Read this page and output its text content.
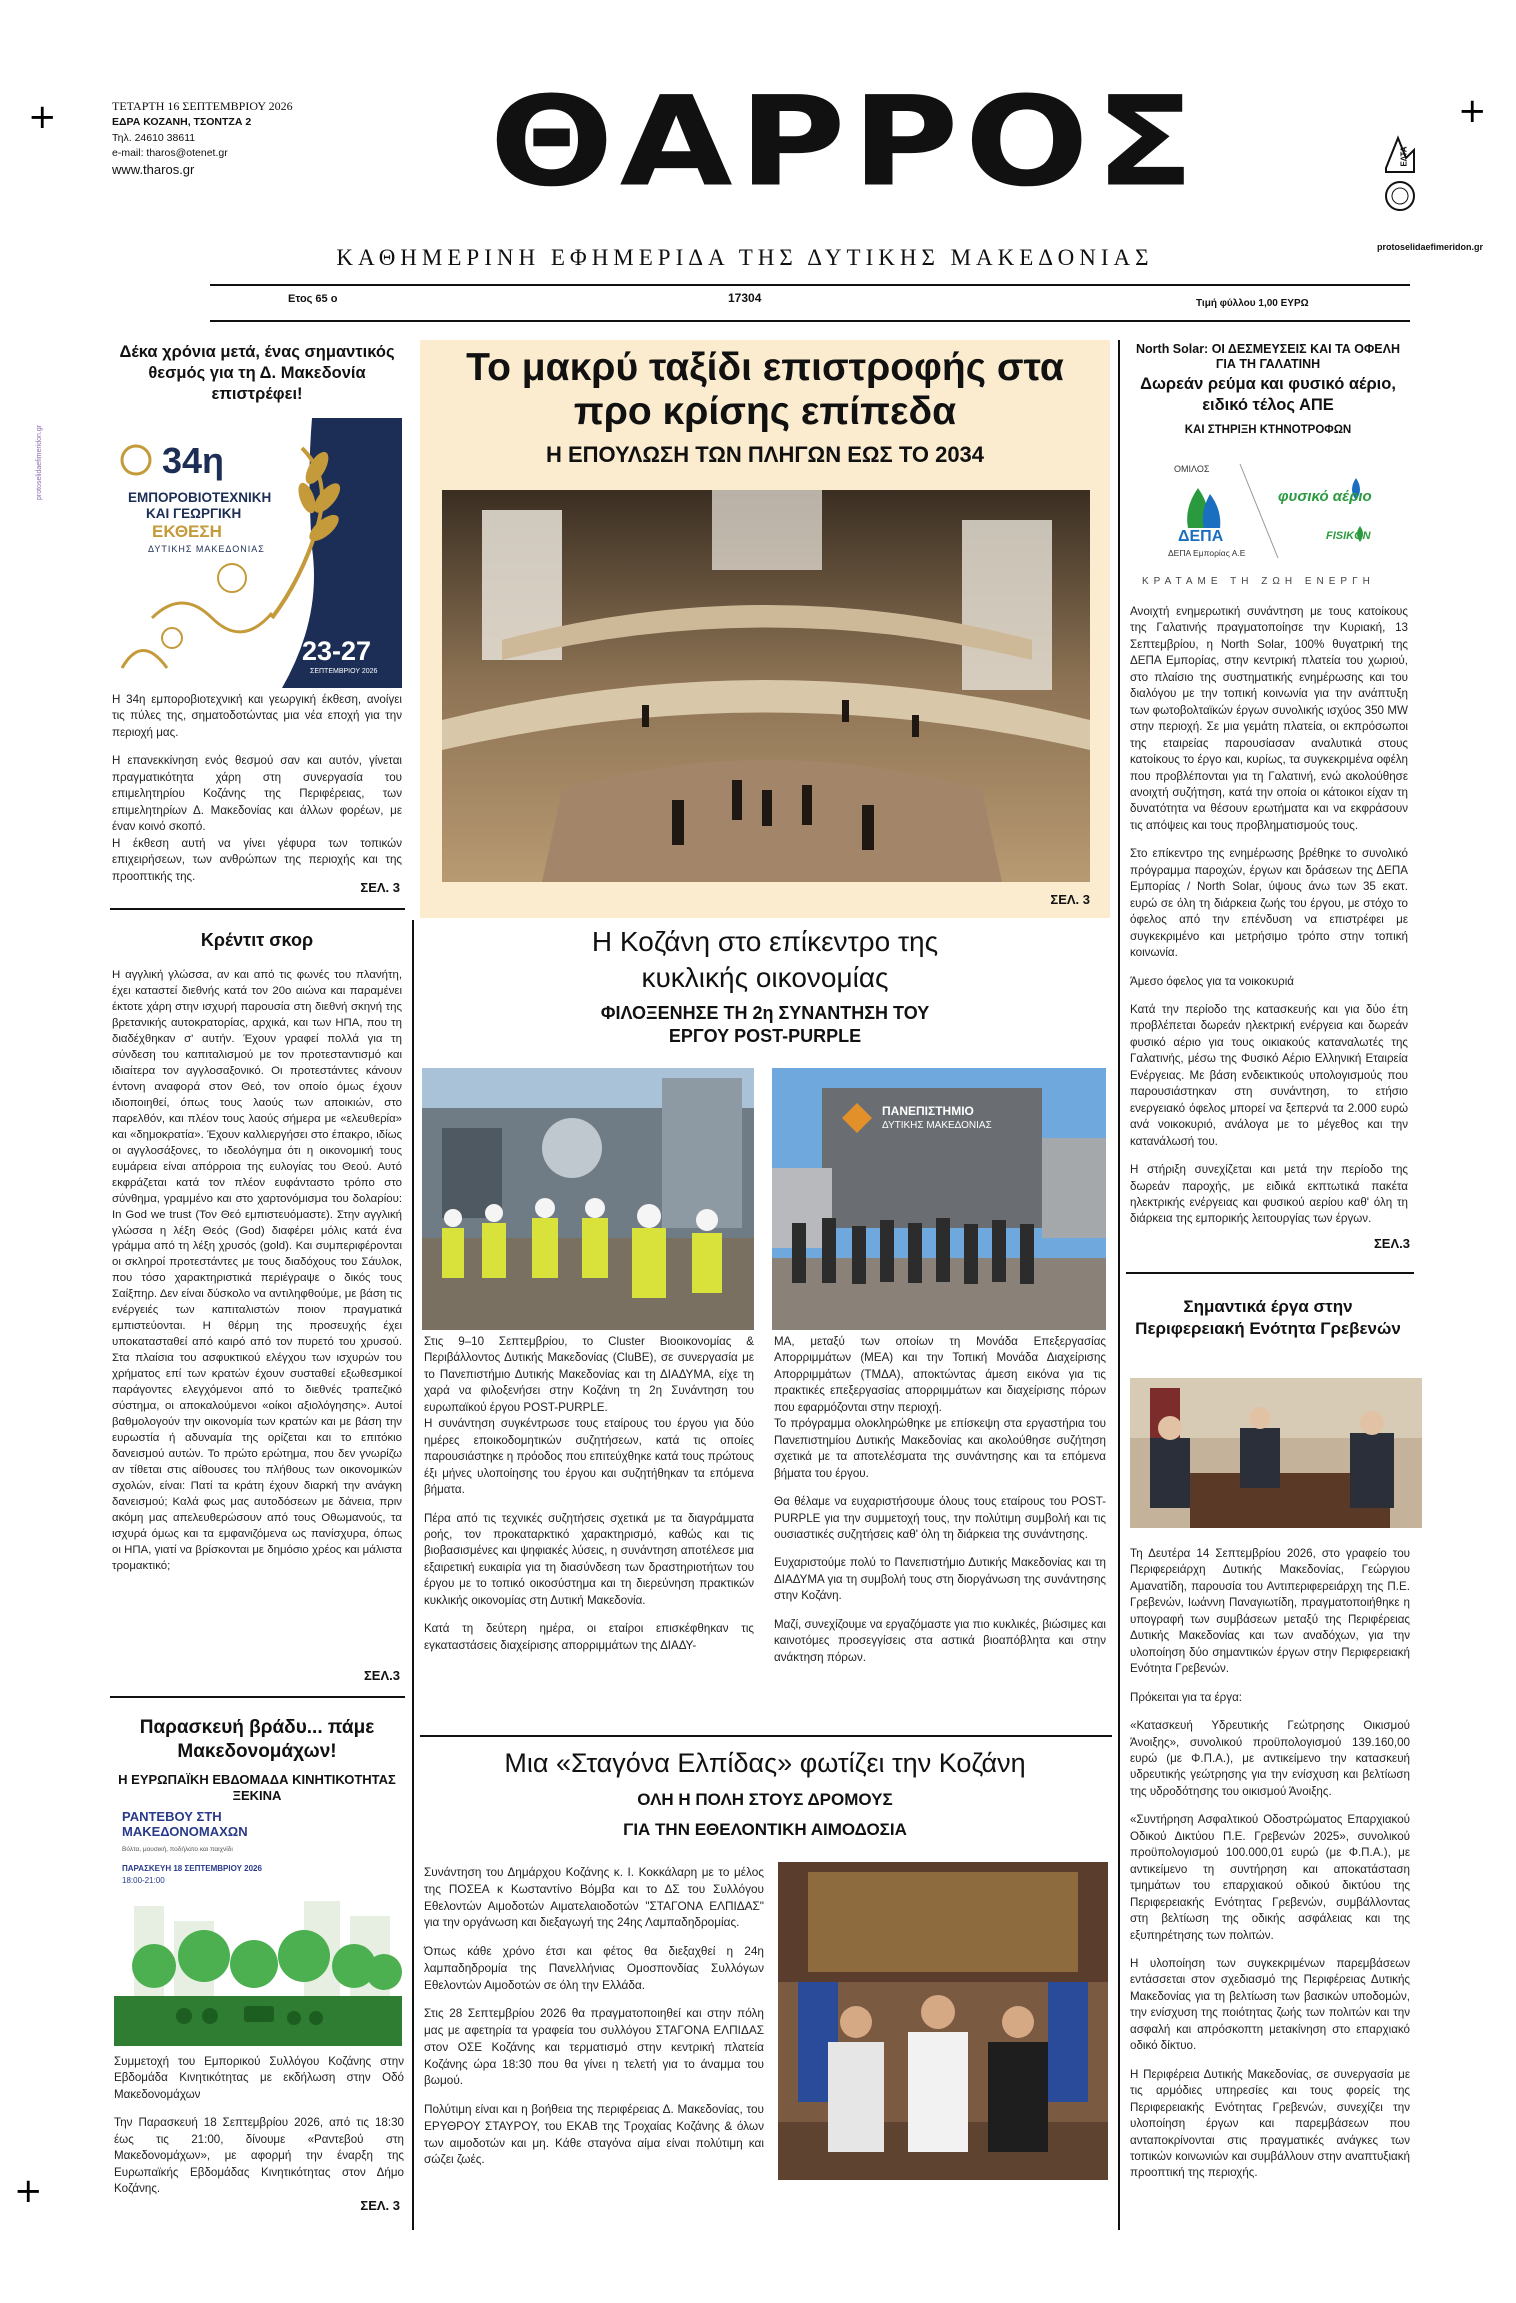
+	+
+
protoselidaefimeridon.gr
ΤΕΤΑΡΤΗ 16 ΣΕΠΤΕΜΒΡΙΟΥ 2026
ΕΔΡΑ ΚΟΖΑΝΗ, ΤΣΟΝΤΖΑ 2
Τηλ. 24610 38611
e-mail: tharos@otenet.gr
www.tharos.gr	ΘΑΡΡΟΣ	ΕΛΤΑ
protoselidaefimeridon.gr
ΚΑΘΗΜΕΡΙΝΗ ΕΦΗΜΕΡΙΔΑ ΤΗΣ ΔΥΤΙΚΗΣ ΜΑΚΕΔΟΝΙΑΣ
Ετος 65 ο	17304	Τιμή φύλλου 1,00 ΕΥΡΩ
Δέκα χρόνια μετά, ένας σημαντικός θεσμός για τη Δ. Μακεδονία επιστρέφει!
34η
ΕΜΠΟΡΟΒΙΟΤΕΧΝΙΚΗ
ΚΑΙ ΓΕΩΡΓΙΚΗ
ΕΚΘΕΣΗ
ΔΥΤΙΚΗΣ ΜΑΚΕΔΟΝΙΑΣ
23-27
ΣΕΠΤΕΜΒΡΙΟΥ 2026

Η 34η εμποροβιοτεχνική και γεωργική έκθεση, ανοίγει τις πύλες της, σηματοδοτώντας μια νέα εποχή για την περιοχή μας.

Η επανεκκίνηση ενός θεσμού σαν και αυτόν, γίνεται πραγματικότητα χάρη στη συνεργασία του επιμελητηρίου Κοζάνης της Περιφέρειας, των επιμελητηρίων Δ. Μακεδονίας και άλλων φορέων, με έναν κοινό σκοπό.

Η έκθεση αυτή να γίνει γέφυρα των τοπικών επιχειρήσεων, των ανθρώπων της περιοχής και της προοπτικής της.

ΣΕΛ. 3
Το μακρύ ταξίδι επιστροφής στα προ κρίσης επίπεδα
Η ΕΠΟΥΛΩΣΗ ΤΩΝ ΠΛΗΓΩΝ ΕΩΣ ΤΟ 2034
ΣΕΛ. 3
North Solar: ΟΙ ΔΕΣΜΕΥΣΕΙΣ ΚΑΙ ΤΑ ΟΦΕΛΗ ΓΙΑ ΤΗ ΓΑΛΑΤΙΝΗ
Δωρεάν ρεύμα και φυσικό αέριο, ειδικό τέλος ΑΠΕ
ΚΑΙ ΣΤΗΡΙΞΗ ΚΤΗΝΟΤΡΟΦΩΝ
ΟΜΙΛΟΣ
ΔΕΠΑ
ΔΕΠΑ Εμπορίας Α.Ε
φυσικό αέριο
FISIKON
ΚΡΑΤΑΜΕ ΤΗ ΖΩΗ ΕΝΕΡΓΗ

Ανοιχτή ενημερωτική συνάντηση με τους κατοίκους της Γαλατινής πραγματοποίησε την Κυριακή, 13 Σεπτεμβρίου, η North Solar, 100% θυγατρική της ΔΕΠΑ Εμπορίας, στην κεντρική πλατεία του χωριού, στο πλαίσιο της συστηματικής ενημέρωσης και του διαλόγου με την τοπική κοινωνία για την ανάπτυξη των φωτοβολταϊκών έργων συνολικής ισχύος 350 MW στην περιοχή. Σε μια γεμάτη πλατεία, οι εκπρόσωποι της εταιρείας παρουσίασαν αναλυτικά στους κατοίκους το έργο και, κυρίως, τα συγκεκριμένα οφέλη που προβλέπονται για τη Γαλατινή, ενώ ακολούθησε ανοιχτή συζήτηση, κατά την οποία οι κάτοικοι είχαν τη δυνατότητα να θέσουν ερωτήματα και να εκφράσουν τις απόψεις και τους προβληματισμούς τους.

Στο επίκεντρο της ενημέρωσης βρέθηκε το συνολικό πρόγραμμα παροχών, έργων και δράσεων της ΔΕΠΑ Εμπορίας / North Solar, ύψους άνω των 35 εκατ. ευρώ σε όλη τη διάρκεια ζωής του έργου, με στόχο το όφελος από την επένδυση να επιστρέφει με συγκεκριμένο και μετρήσιμο τρόπο στην τοπική κοινωνία.

Άμεσο όφελος για τα νοικοκυριά

Κατά την περίοδο της κατασκευής και για δύο έτη προβλέπεται δωρεάν ηλεκτρική ενέργεια και δωρεάν φυσικό αέριο για τους οικιακούς καταναλωτές της Γαλατινής, μέσω της Φυσικό Αέριο Ελληνική Εταιρεία Ενέργειας. Με βάση ενδεικτικούς υπολογισμούς που παρουσιάστηκαν στη συνάντηση, το ετήσιο ενεργειακό όφελος μπορεί να ξεπερνά τα 2.000 ευρώ ανά νοικοκυριό, ανάλογα με το μέγεθος και την κατανάλωσή του.

Η στήριξη συνεχίζεται και μετά την περίοδο της δωρεάν παροχής, με ειδικά εκπτωτικά πακέτα ηλεκτρικής ενέργειας και φυσικού αερίου καθ' όλη τη διάρκεια της εμπορικής λειτουργίας των έργων.

ΣΕΛ.3
Κρέντιτ σκορ
Η αγγλική γλώσσα, αν και από τις φωνές του πλανήτη, έχει καταστεί διεθνής κατά τον 20ο αιώνα και παραμένει έκτοτε χάρη στην ισχυρή παρουσία στη διεθνή σκηνή της βρετανικής αυτοκρατορίας, αρχικά, και των ΗΠΑ, που τη διαδέχθηκαν σ' αυτήν. Έχουν γραφεί πολλά για τη σύνδεση του καπιταλισμού με τον προτεσταντισμό και ιδιαίτερα τον αγγλοσαξονικό. Οι προτεστάντες κάνουν έντονη αναφορά στον Θεό, τον οποίο όμως έχουν ιδιοποιηθεί, όπως τους λαούς των αποικιών, στο παρελθόν, και πλέον τους λαούς σήμερα με «ελευθερία» και «δημοκρατία». Έχουν καλλιεργήσει στο έπακρο, ιδίως οι αγγλοσάξονες, το ιδεολόγημα ότι η οικονομική τους ευμάρεια είναι απόρροια της ευλογίας του Θεού. Αυτό εκφράζεται κατά τον πλέον ευφάνταστο τρόπο στο σύνθημα, γραμμένο και στο χαρτονόμισμα του δολαρίου: In God we trust (Τον Θεό εμπιστευόμαστε). Στην αγγλική γλώσσα η λέξη Θεός (God) διαφέρει μόλις κατά ένα γράμμα από τη λέξη χρυσός (gold). Και συμπεριφέρονται οι σκληροί προτεστάντες με τους διαδόχους του Σάυλοκ, που τόσο χαρακτηριστικά περιέγραψε ο δικός τους Σαίξπηρ. Δεν είναι δύσκολο να αντιληφθούμε, με βάση τις ενέργειές των καπιταλιστών ποιον πραγματικά εμπιστεύονται. Η θέρμη της προσευχής έχει υποκατασταθεί από καιρό από τον πυρετό του χρυσού. Στα πλαίσια του ασφυκτικού ελέγχου των ισχυρών του χρήματος επί των κρατών έχουν συσταθεί εξωθεσμικοί παράγοντες ελεγχόμενοι από το διεθνές τραπεζικό σύστημα, οι αποκαλούμενοι «οίκοι αξιολόγησης». Αυτοί βαθμολογούν την οικονομία των κρατών και με βάση την ευρωστία ή αδυναμία της ορίζεται και το επιτόκιο δανεισμού αυτών. Το πρώτο ερώτημα, που δεν γνωρίζω αν τίθεται στις αίθουσες του πλήθους των οικονομικών σχολών, είναι: Πατί τα κράτη έχουν διαρκή την ανάγκη δανεισμού; Καλά φως μας αυτοδόσεων με δάνεια, πριν ακόμη μας απελευθερώσουν από τους Οθωμανούς, τα ισχυρά όμως και τα εμφανιζόμενα ως πανίσχυρα, όπως οι ΗΠΑ, γιατί να βρίσκονται με δημόσιο χρέος και μάλιστα τρομακτικό;
ΣΕΛ.3
Η Κοζάνη στο επίκεντρο της κυκλικής οικονομίας
ΦΙΛΟΞΕΝΗΣΕ ΤΗ 2η ΣΥΝΑΝΤΗΣΗ ΤΟΥ ΕΡΓΟΥ POST-PURPLE
ΠΑΝΕΠΙΣΤΗΜΙΟ
ΔΥΤΙΚΗΣ ΜΑΚΕΔΟΝΙΑΣ

Στις 9–10 Σεπτεμβρίου, το Cluster Βιοοικονομίας & Περιβάλλοντος Δυτικής Μακεδονίας (CluBE), σε συνεργασία με το Πανεπιστήμιο Δυτικής Μακεδονίας και τη ΔΙΑΔΥΜΑ, είχε τη χαρά να φιλοξενήσει στην Κοζάνη τη 2η Συνάντηση του ευρωπαϊκού έργου POST-PURPLE.

Η συνάντηση συγκέντρωσε τους εταίρους του έργου για δύο ημέρες εποικοδομητικών συζητήσεων, κατά τις οποίες παρουσιάστηκε η πρόοδος που επιτεύχθηκε κατά τους πρώτους έξι μήνες υλοποίησης του έργου και συζητήθηκαν τα επόμενα βήματα.

Πέρα από τις τεχνικές συζητήσεις σχετικά με τα διαγράμματα ροής, τον προκαταρκτικό χαρακτηρισμό, καθώς και τις βιοβασισμένες και ψηφιακές λύσεις, η συνάντηση αποτέλεσε μια εξαιρετική ευκαιρία για τη διασύνδεση των δραστηριοτήτων του έργου με το τοπικό οικοσύστημα και τη διερεύνηση πρακτικών κυκλικής οικονομίας στη Δυτική Μακεδονία.

Κατά τη δεύτερη ημέρα, οι εταίροι επισκέφθηκαν τις εγκαταστάσεις διαχείρισης απορριμμάτων της ΔΙΑΔΥ-

ΜΑ, μεταξύ των οποίων τη Μονάδα Επεξεργασίας Απορριμμάτων (ΜΕΑ) και την Τοπική Μονάδα Διαχείρισης Απορριμμάτων (ΤΜΔΑ), αποκτώντας άμεση εικόνα για τις πρακτικές επεξεργασίας απορριμμάτων και διαχείρισης πόρων που εφαρμόζονται στην περιοχή.

Το πρόγραμμα ολοκληρώθηκε με επίσκεψη στα εργαστήρια του Πανεπιστημίου Δυτικής Μακεδονίας και ακολούθησε συζήτηση σχετικά με τα αποτελέσματα της συνάντησης και τα επόμενα βήματα του έργου.

Θα θέλαμε να ευχαριστήσουμε όλους τους εταίρους του POST-PURPLE για την συμμετοχή τους, την πολύτιμη συμβολή και τις ουσιαστικές συζητήσεις καθ' όλη τη διάρκεια της συνάντησης.

Ευχαριστούμε πολύ το Πανεπιστήμιο Δυτικής Μακεδονίας και τη ΔΙΑΔΥΜΑ για τη συμβολή τους στη διοργάνωση της συνάντησης στην Κοζάνη.

Μαζί, συνεχίζουμε να εργαζόμαστε για πιο κυκλικές, βιώσιμες και καινοτόμες προσεγγίσεις στα αστικά βιοαπόβλητα και στην ανάκτηση πόρων.

Σημαντικά έργα στην Περιφερειακή Ενότητα Γρεβενών

Τη Δευτέρα 14 Σεπτεμβρίου 2026, στο γραφείο του Περιφερειάρχη Δυτικής Μακεδονίας, Γεώργιου Αμανατίδη, παρουσία του Αντιπεριφερειάρχη της Π.Ε. Γρεβενών, Ιωάννη Παναγιωτίδη, πραγματοποιήθηκε η υπογραφή των συμβάσεων μεταξύ της Περιφέρειας Δυτικής Μακεδονίας και των αναδόχων, για την υλοποίηση δύο σημαντικών έργων στην Περιφερειακή Ενότητα Γρεβενών.

Πρόκειται για τα έργα:

«Κατασκευή Υδρευτικής Γεώτρησης Οικισμού Άνοιξης», συνολικού προϋπολογισμού 139.160,00 ευρώ (με Φ.Π.Α.), με αντικείμενο την κατασκευή υδρευτικής γεώτρησης για την ενίσχυση και βελτίωση της υδροδότησης του οικισμού Άνοιξης.

«Συντήρηση Ασφαλτικού Οδοστρώματος Επαρχιακού Οδικού Δικτύου Π.Ε. Γρεβενών 2025», συνολικού προϋπολογισμού 100.000,01 ευρώ (με Φ.Π.Α.), με αντικείμενο τη συντήρηση και αποκατάσταση τμημάτων του επαρχιακού οδικού δικτύου της Περιφερειακής Ενότητας Γρεβενών, συμβάλλοντας στη βελτίωση της οδικής ασφάλειας και της εξυπηρέτησης των πολιτών.

Η υλοποίηση των συγκεκριμένων παρεμβάσεων εντάσσεται στον σχεδιασμό της Περιφέρειας Δυτικής Μακεδονίας για τη βελτίωση των βασικών υποδομών, την ενίσχυση της ποιότητας ζωής των πολιτών και την ασφαλή και απρόσκοπτη μετακίνηση στο επαρχιακό οδικό δίκτυο.

Η Περιφέρεια Δυτικής Μακεδονίας, σε συνεργασία με τις αρμόδιες υπηρεσίες και τους φορείς της Περιφερειακής Ενότητας Γρεβενών, συνεχίζει την υλοποίηση έργων και παρεμβάσεων που ανταποκρίνονται στις πραγματικές ανάγκες των τοπικών κοινωνιών και συμβάλλουν στην αναπτυξιακή προοπτική της περιοχής.

Παρασκευή βράδυ... πάμε Μακεδονομάχων!
Η ΕΥΡΩΠΑΪΚΗ ΕΒΔΟΜΑΔΑ ΚΙΝΗΤΙΚΟΤΗΤΑΣ ΞΕΚΙΝΑ
ΡΑΝΤΕΒΟΥ ΣΤΗ ΜΑΚΕΔΟΝΟΜΑΧΩΝ
Βόλτα, μουσική, ποδήλατο και παιχνίδι
ΠΑΡΑΣΚΕΥΗ 18 ΣΕΠΤΕΜΒΡΙΟΥ 2026
18:00-21:00

Συμμετοχή του Εμπορικού Συλλόγου Κοζάνης στην Εβδομάδα Κινητικότητας με εκδήλωση στην Οδό Μακεδονομάχων

Την Παρασκευή 18 Σεπτεμβρίου 2026, από τις 18:30 έως τις 21:00, δίνουμε «Ραντεβού στη Μακεδονομάχων», με αφορμή την έναρξη της Ευρωπαϊκής Εβδομάδας Κινητικότητας στον Δήμο Κοζάνης.

ΣΕΛ. 3
Μια «Σταγόνα Ελπίδας» φωτίζει την Κοζάνη
ΟΛΗ Η ΠΟΛΗ ΣΤΟΥΣ ΔΡΟΜΟΥΣ
ΓΙΑ ΤΗΝ ΕΘΕΛΟΝΤΙΚΗ ΑΙΜΟΔΟΣΙΑ

Συνάντηση του Δημάρχου Κοζάνης κ. Ι. Κοκκάλαρη με το μέλος της ΠΟΣΕΑ κ Κωσταντίνο Βόμβα και το ΔΣ του Συλλόγου Εθελοντών Αιμοδοτών Αιματελαιοδοτών "ΣΤΑΓΟΝΑ ΕΛΠΙΔΑΣ" για την οργάνωση και διεξαγωγή της 24ης Λαμπαδηδρομίας.

Όπως κάθε χρόνο έτσι και φέτος θα διεξαχθεί η 24η λαμπαδηδρομία της Πανελλήνιας Ομοσπονδίας Συλλόγων Εθελοντών Αιμοδοτών σε όλη την Ελλάδα.

Στις 28 Σεπτεμβρίου 2026 θα πραγματοποιηθεί και στην πόλη μας με αφετηρία τα γραφεία του συλλόγου ΣΤΑΓΟΝΑ ΕΛΠΙΔΑΣ στον ΟΣΕ Κοζάνης και τερματισμό στην κεντρική πλατεία Κοζάνης ώρα 18:30 που θα γίνει η τελετή για το άναμμα του βωμού.

Πολύτιμη είναι και η βοήθεια της περιφέρειας Δ. Μακεδονίας, του ΕΡΥΘΡΟΥ ΣΤΑΥΡΟΥ, του ΕΚΑΒ της Τροχαίας Κοζάνης & όλων των αιμοδοτών και μη. Κάθε σταγόνα αίμα είναι πολύτιμη και σώζει ζωές.
